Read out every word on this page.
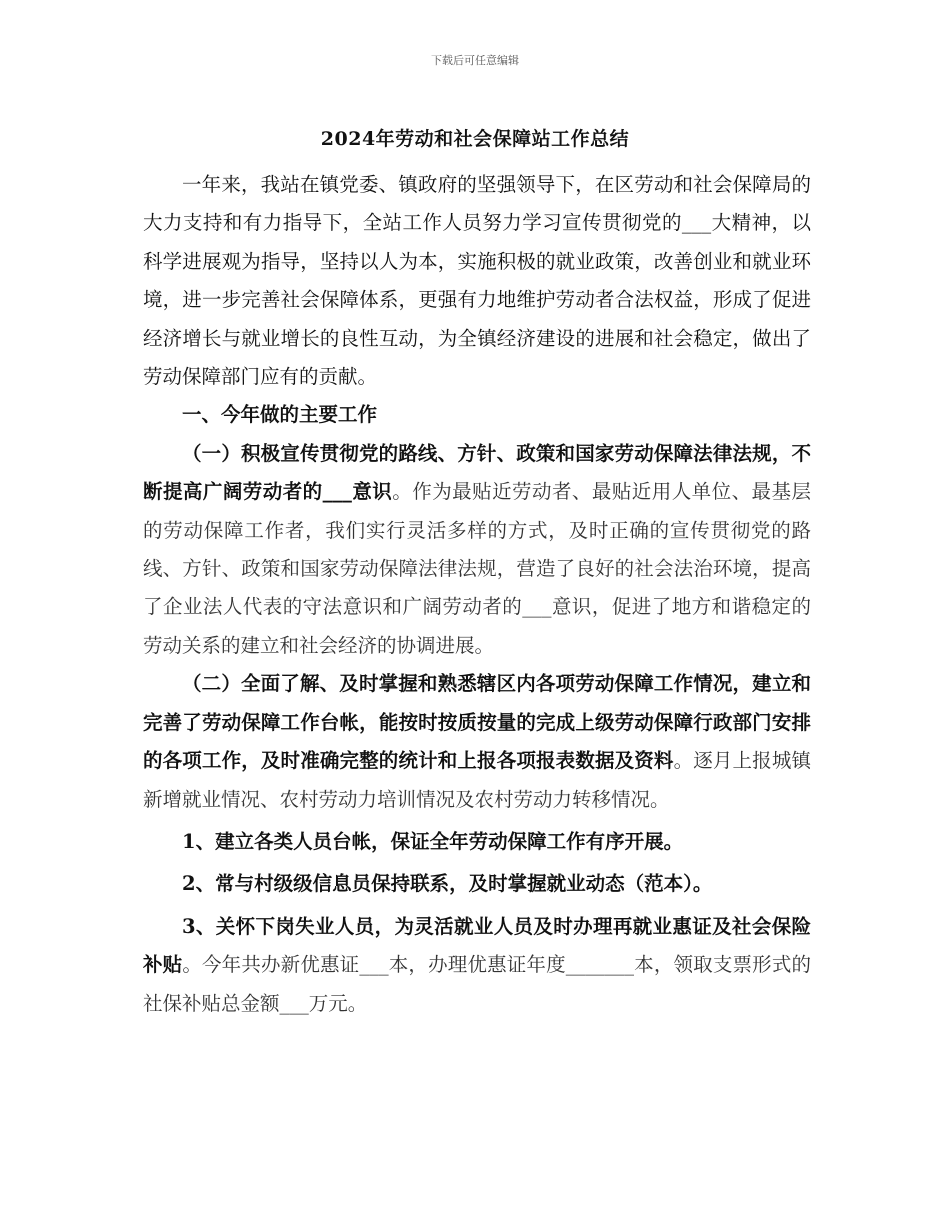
下载后可任意编辑
2024年劳动和社会保障站工作总结

一年来，我站在镇党委、镇政府的坚强领导下，在区劳动和社会保障局的大力支持和有力指导下，全站工作人员努力学习宣传贯彻党的___大精神，以科学进展观为指导，坚持以人为本，实施积极的就业政策，改善创业和就业环境，进一步完善社会保障体系，更强有力地维护劳动者合法权益，形成了促进经济增长与就业增长的良性互动，为全镇经济建设的进展和社会稳定，做出了劳动保障部门应有的贡献。

一、今年做的主要工作

（一）积极宣传贯彻党的路线、方针、政策和国家劳动保障法律法规，不断提高广阔劳动者的___意识。作为最贴近劳动者、最贴近用人单位、最基层的劳动保障工作者，我们实行灵活多样的方式，及时正确的宣传贯彻党的路线、方针、政策和国家劳动保障法律法规，营造了良好的社会法治环境，提高了企业法人代表的守法意识和广阔劳动者的___意识，促进了地方和谐稳定的劳动关系的建立和社会经济的协调进展。

（二）全面了解、及时掌握和熟悉辖区内各项劳动保障工作情况，建立和完善了劳动保障工作台帐，能按时按质按量的完成上级劳动保障行政部门安排的各项工作，及时准确完整的统计和上报各项报表数据及资料。逐月上报城镇新增就业情况、农村劳动力培训情况及农村劳动力转移情况。

1、建立各类人员台帐，保证全年劳动保障工作有序开展。

2、常与村级级信息员保持联系，及时掌握就业动态（范本）。

3、关怀下岗失业人员，为灵活就业人员及时办理再就业惠证及社会保险补贴。今年共办新优惠证___本，办理优惠证年度_______本，领取支票形式的社保补贴总金额___万元。
